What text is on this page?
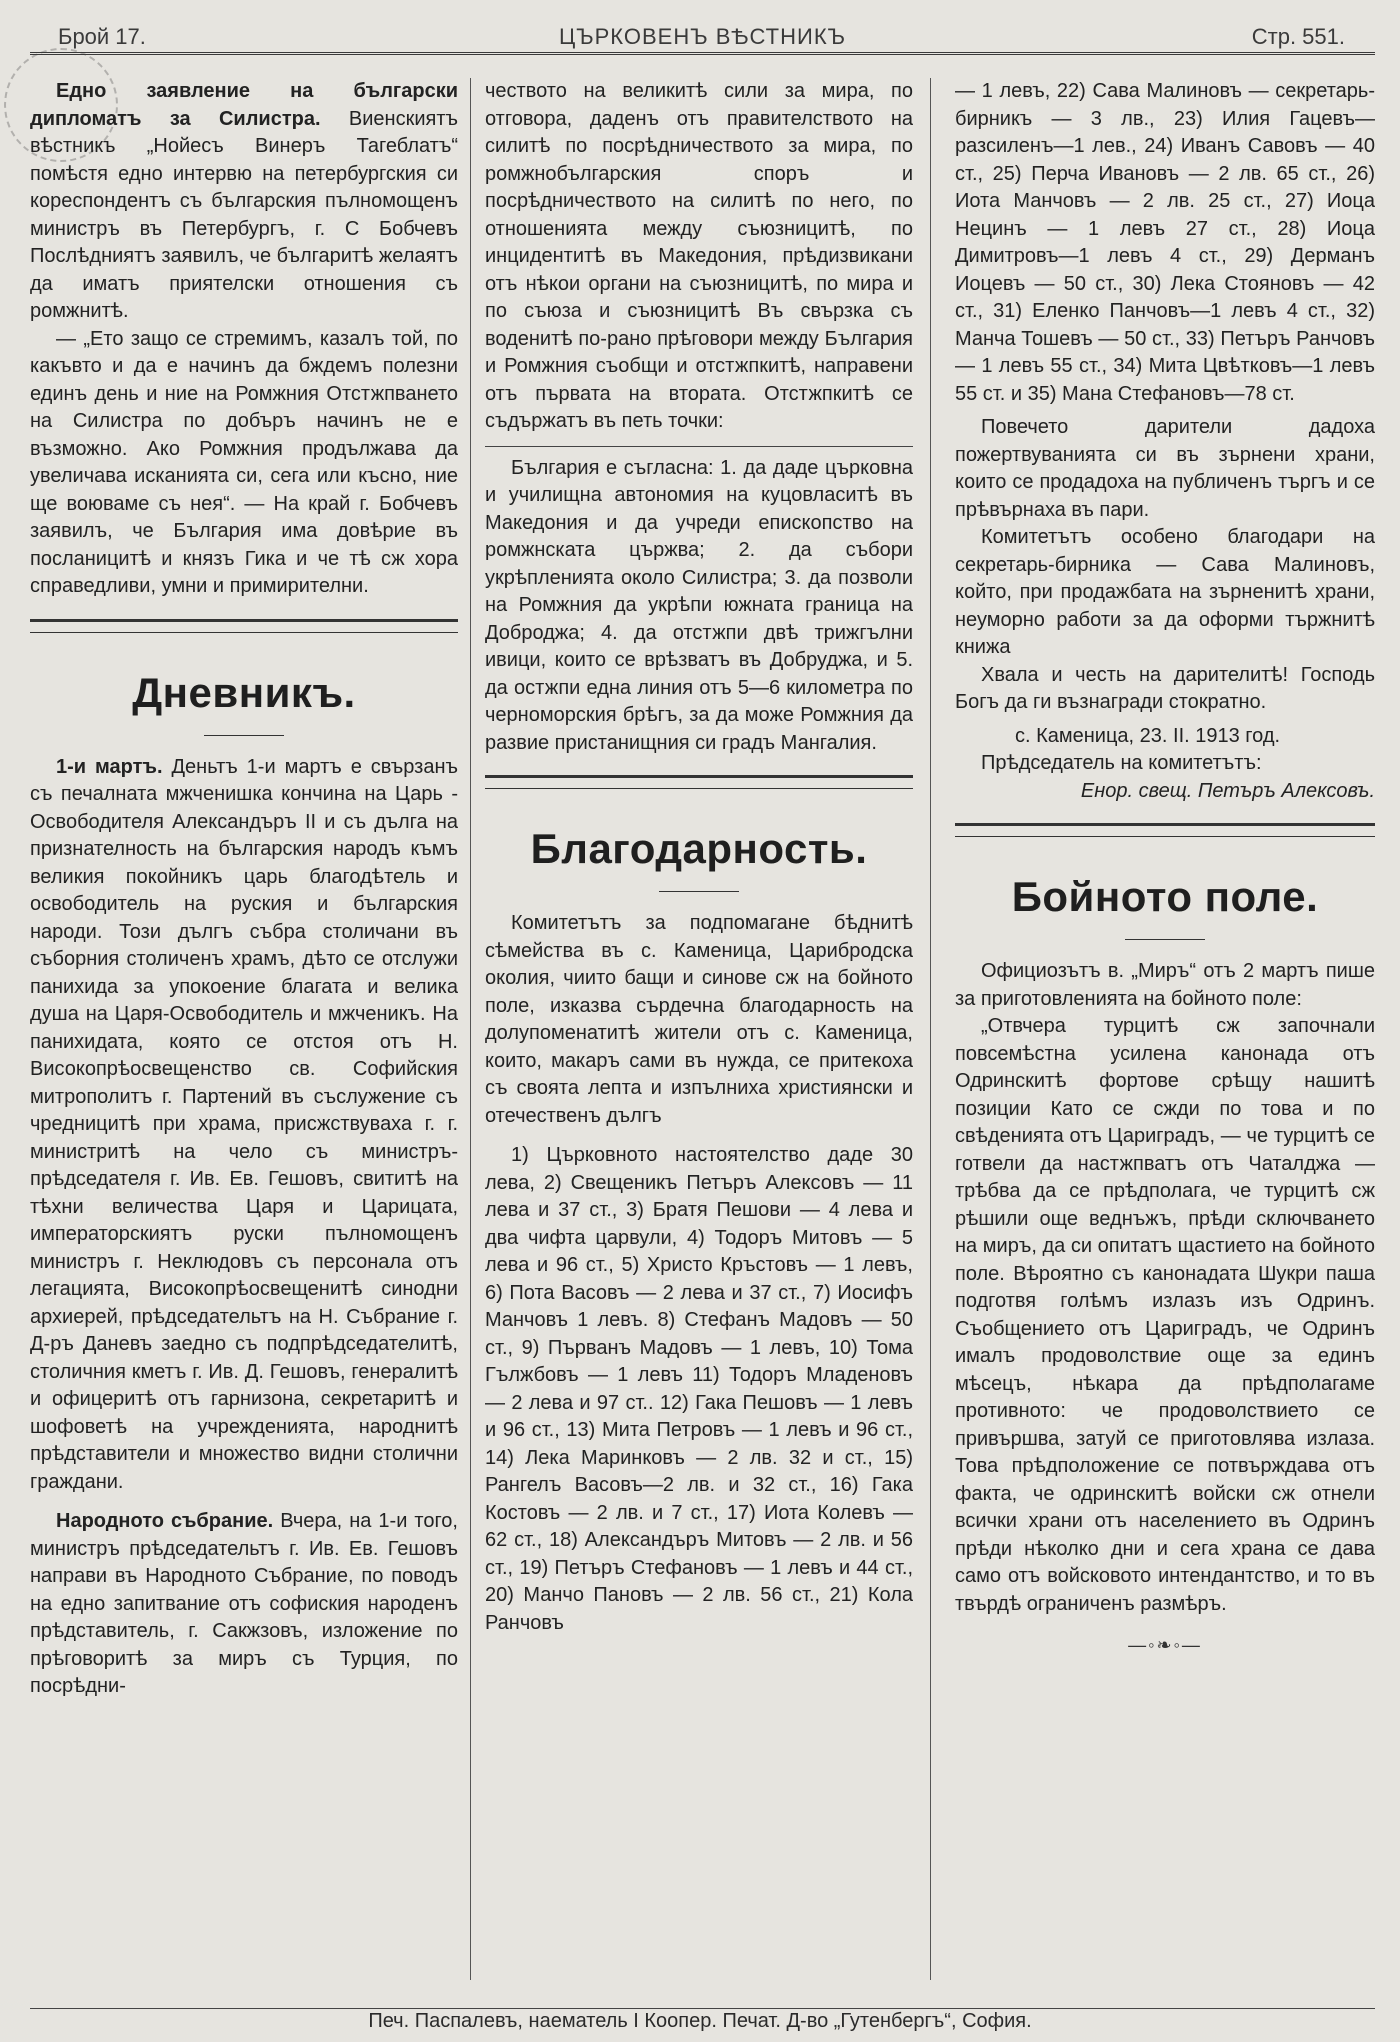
Брой 17.	ЦЪРКОВЕНЪ ВѢСТНИКЪ	Стр. 551.

Едно заявление на български дипломатъ за Силистра. Виенскиятъ вѣстникъ „Нойесъ Винеръ Тагеблатъ“ помѣстя едно интервю на петербургския си кореспондентъ съ българския пълномощенъ министръ въ Петербургъ, г. С Бобчевъ Послѣдниятъ заявилъ, че българитѣ желаятъ да иматъ приятелски отношения съ ромжнитѣ.

— „Ето защо се стремимъ, казалъ той, по какъвто и да е начинъ да бждемъ полезни единъ день и ние на Ромжния Отстжпването на Силистра по добъръ начинъ не е възможно. Ако Ромжния продължава да увеличава исканията си, сега или късно, ние ще воюваме съ нея“. — На край г. Бобчевъ заявилъ, че България има довѣрие въ посланицитѣ и князъ Гика и че тѣ сж хора справедливи, умни и примирителни.

Дневникъ.

1-и мартъ. Деньтъ 1-и мартъ е свързанъ съ печалната мжченишка кончина на Царь - Освободителя Александъръ II и съ дълга на признателность на българския народъ къмъ великия покойникъ царь благодѣтель и освободитель на руския и българския народи. Този дългъ събра столичани въ съборния столиченъ храмъ, дѣто се отслужи панихида за упокоение благата и велика душа на Царя-Освободитель и мжченикъ. На панихидата, която се отстоя отъ Н. Високопрѣосвещенство св. Софийския митрополитъ г. Партений въ съслужение съ чредницитѣ при храма, присжствуваха г. г. министритѣ на чело съ министръ-прѣдседателя г. Ив. Ев. Гешовъ, свититѣ на тѣхни величества Царя и Царицата, императорскиятъ руски пълномощенъ министръ г. Неклюдовъ съ персонала отъ легацията, Високопрѣосвещенитѣ синодни архиерей, прѣдседательтъ на Н. Събрание г. Д-ръ Даневъ заедно съ подпрѣдседателитѣ, столичния кметъ г. Ив. Д. Гешовъ, генералитѣ и офицеритѣ отъ гарнизона, секретаритѣ и шофоветѣ на учрежденията, народнитѣ прѣдставители и множество видни столични граждани.

Народното събрание. Вчера, на 1-и того, министръ прѣдседательтъ г. Ив. Ев. Гешовъ направи въ Народното Събрание, по поводъ на едно запитвание отъ софиския народенъ прѣдставитель, г. Сакжзовъ, изложение по прѣговоритѣ за миръ съ Турция, по посрѣдни-

чеството на великитѣ сили за мира, по отговора, даденъ отъ правителството на силитѣ по посрѣдничеството за мира, по ромжнобългарския споръ и посрѣдничеството на силитѣ по него, по отношенията между съюзницитѣ, по инцидентитѣ въ Македония, прѣдизвикани отъ нѣкои органи на съюзницитѣ, по мира и по съюза и съюзницитѣ Въ свързка съ воденитѣ по-рано прѣговори между България и Ромжния съобщи и отстжпкитѣ, направени отъ първата на втората. Отстжпкитѣ се съдържатъ въ петь точки:

България е съгласна: 1. да даде църковна и училищна автономия на куцовласитѣ въ Македония и да учреди епископство на ромжнската цържва; 2. да събори укрѣпленията около Силистра; 3. да позволи на Ромжния да укрѣпи южната граница на Доброджа; 4. да отстжпи двѣ трижгълни ивици, които се врѣзватъ въ Добруджа, и 5. да остжпи една линия отъ 5—6 километра по черноморския брѣгъ, за да може Ромжния да развие пристанищния си градъ Мангалия.

Благодарность.

Комитетътъ за подпомагане бѣднитѣ сѣмейства въ с. Каменица, Царибродска околия, чиито бащи и синове сж на бойното поле, изказва сърдечна благодарность на долупоменатитѣ жители отъ с. Каменица, които, макаръ сами въ нужда, се притекоха съ своята лепта и изпълниха християнски и отечественъ дългъ

1) Църковното настоятелство даде 30 лева, 2) Свещеникъ Петъръ Алексовъ — 11 лева и 37 ст., 3) Братя Пешови — 4 лева и два чифта царвули, 4) Тодоръ Митовъ — 5 лева и 96 ст., 5) Христо Кръстовъ — 1 левъ, 6) Пота Васовъ — 2 лева и 37 ст., 7) Иосифъ Манчовъ 1 левъ. 8) Стефанъ Мадовъ — 50 ст., 9) Първанъ Мадовъ — 1 левъ, 10) Тома Гължбовъ — 1 левъ 11) Тодоръ Младеновъ — 2 лева и 97 ст.. 12) Гака Пешовъ — 1 левъ и 96 ст., 13) Мита Петровъ — 1 левъ и 96 ст., 14) Лека Маринковъ — 2 лв. 32 и ст., 15) Рангелъ Васовъ—2 лв. и 32 ст., 16) Гака Костовъ — 2 лв. и 7 ст., 17) Иота Колевъ — 62 ст., 18) Александъръ Митовъ — 2 лв. и 56 ст., 19) Петъръ Стефановъ — 1 левъ и 44 ст., 20) Манчо Пановъ — 2 лв. 56 ст., 21) Кола Ранчовъ

— 1 левъ, 22) Сава Малиновъ — секретарь-бирникъ — 3 лв., 23) Илия Гацевъ—разсиленъ—1 лев., 24) Иванъ Савовъ — 40 ст., 25) Перча Ивановъ — 2 лв. 65 ст., 26) Иота Манчовъ — 2 лв. 25 ст., 27) Иоца Нецинъ — 1 левъ 27 ст., 28) Иоца Димитровъ—1 левъ 4 ст., 29) Дерманъ Иоцевъ — 50 ст., 30) Лека Стояновъ — 42 ст., 31) Еленко Панчовъ—1 левъ 4 ст., 32) Манча Тошевъ — 50 ст., 33) Петъръ Ранчовъ — 1 левъ 55 ст., 34) Мита Цвѣтковъ—1 левъ 55 ст. и 35) Мана Стефановъ—78 ст.

Повечето дарители дадоха пожертвуванията си въ зърнени храни, които се продадоха на публиченъ търгъ и се прѣвърнаха въ пари.

Комитетътъ особено благодари на секретарь-бирника — Сава Малиновъ, който, при продажбата на зърненитѣ храни, неуморно работи за да оформи тържнитѣ книжа

Хвала и честь на дарителитѣ! Господь Богъ да ги възнагради стократно.

с. Каменица, 23. II. 1913 год.

Прѣдседатель на комитетътъ:

Енор. свещ. Петъръ Алексовъ.

Бойното поле.

Официозътъ в. „Миръ“ отъ 2 мартъ пише за приготовленията на бойното поле:

„Отвчера турцитѣ сж започнали повсемѣстна усилена канонада отъ Одринскитѣ фортове срѣщу нашитѣ позиции Като се сжди по това и по свѣденията отъ Цариградъ, — че турцитѣ се готвели да настжпватъ отъ Чаталджа — трѣбва да се прѣдполага, че турцитѣ сж рѣшили още веднъжъ, прѣди сключването на миръ, да си опитатъ щастието на бойното поле. Вѣроятно съ канонадата Шукри паша подготвя голѣмъ излазъ изъ Одринъ. Съобщението отъ Цариградъ, че Одринъ ималъ продоволствие още за единъ мѣсецъ, нѣкара да прѣдполагаме противното: че продоволствието се привършва, затуй се приготовлява излаза. Това прѣдположение се потвърждава отъ факта, че одринскитѣ войски сж отнели всички храни отъ населението въ Одринъ прѣди нѣколко дни и сега храна се дава само отъ войсковото интендантство, и то въ твърдѣ ограниченъ размѣръ.

—◦❧◦—
Печ. Паспалевъ, наематель I Коопер. Печат. Д-во „Гутенбергъ“, София.
